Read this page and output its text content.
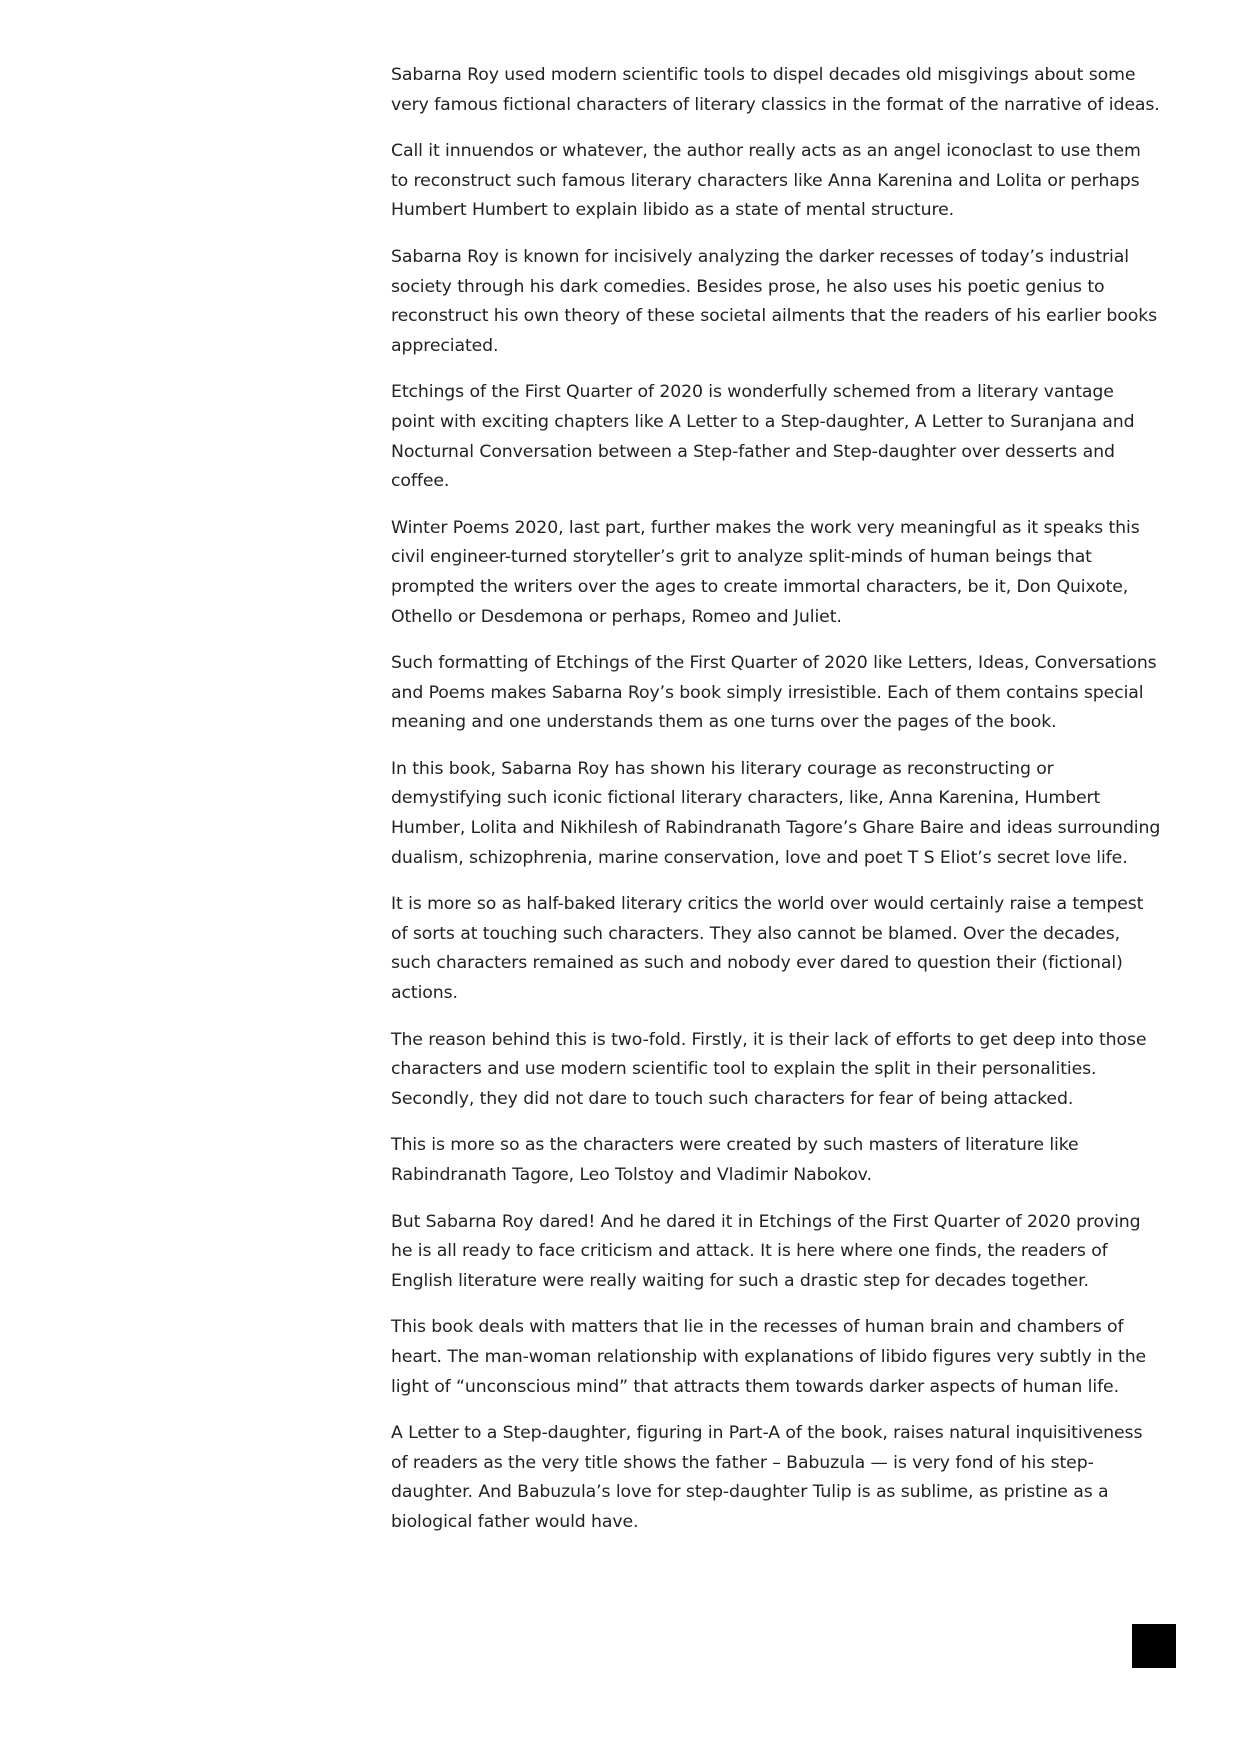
Sabarna Roy used modern scientific tools to dispel decades old misgivings about some very famous fictional characters of literary classics in the format of the narrative of ideas.

Call it innuendos or whatever, the author really acts as an angel iconoclast to use them to reconstruct such famous literary characters like Anna Karenina and Lolita or perhaps Humbert Humbert to explain libido as a state of mental structure.

Sabarna Roy is known for incisively analyzing the darker recesses of today’s industrial society through his dark comedies. Besides prose, he also uses his poetic genius to reconstruct his own theory of these societal ailments that the readers of his earlier books appreciated.

Etchings of the First Quarter of 2020 is wonderfully schemed from a literary vantage point with exciting chapters like A Letter to a Step-daughter, A Letter to Suranjana and Nocturnal Conversation between a Step-father and Step-daughter over desserts and coffee.

Winter Poems 2020, last part, further makes the work very meaningful as it speaks this civil engineer-turned storyteller’s grit to analyze split-minds of human beings that prompted the writers over the ages to create immortal characters, be it, Don Quixote, Othello or Desdemona or perhaps, Romeo and Juliet.

Such formatting of Etchings of the First Quarter of 2020 like Letters, Ideas, Conversations and Poems makes Sabarna Roy’s book simply irresistible. Each of them contains special meaning and one understands them as one turns over the pages of the book.

In this book, Sabarna Roy has shown his literary courage as reconstructing or demystifying such iconic fictional literary characters, like, Anna Karenina, Humbert Humber, Lolita and Nikhilesh of Rabindranath Tagore’s Ghare Baire and ideas surrounding dualism, schizophrenia, marine conservation, love and poet T S Eliot’s secret love life.

It is more so as half-baked literary critics the world over would certainly raise a tempest of sorts at touching such characters. They also cannot be blamed. Over the decades, such characters remained as such and nobody ever dared to question their (fictional) actions.

The reason behind this is two-fold. Firstly, it is their lack of efforts to get deep into those characters and use modern scientific tool to explain the split in their personalities. Secondly, they did not dare to touch such characters for fear of being attacked.

This is more so as the characters were created by such masters of literature like Rabindranath Tagore, Leo Tolstoy and Vladimir Nabokov.

But Sabarna Roy dared! And he dared it in Etchings of the First Quarter of 2020 proving he is all ready to face criticism and attack. It is here where one finds, the readers of English literature were really waiting for such a drastic step for decades together.

This book deals with matters that lie in the recesses of human brain and chambers of heart. The man-woman relationship with explanations of libido figures very subtly in the light of “unconscious mind” that attracts them towards darker aspects of human life.

A Letter to a Step-daughter, figuring in Part-A of the book, raises natural inquisitiveness of readers as the very title shows the father – Babuzula — is very fond of his step-daughter. And Babuzula’s love for step-daughter Tulip is as sublime, as pristine as a biological father would have.
